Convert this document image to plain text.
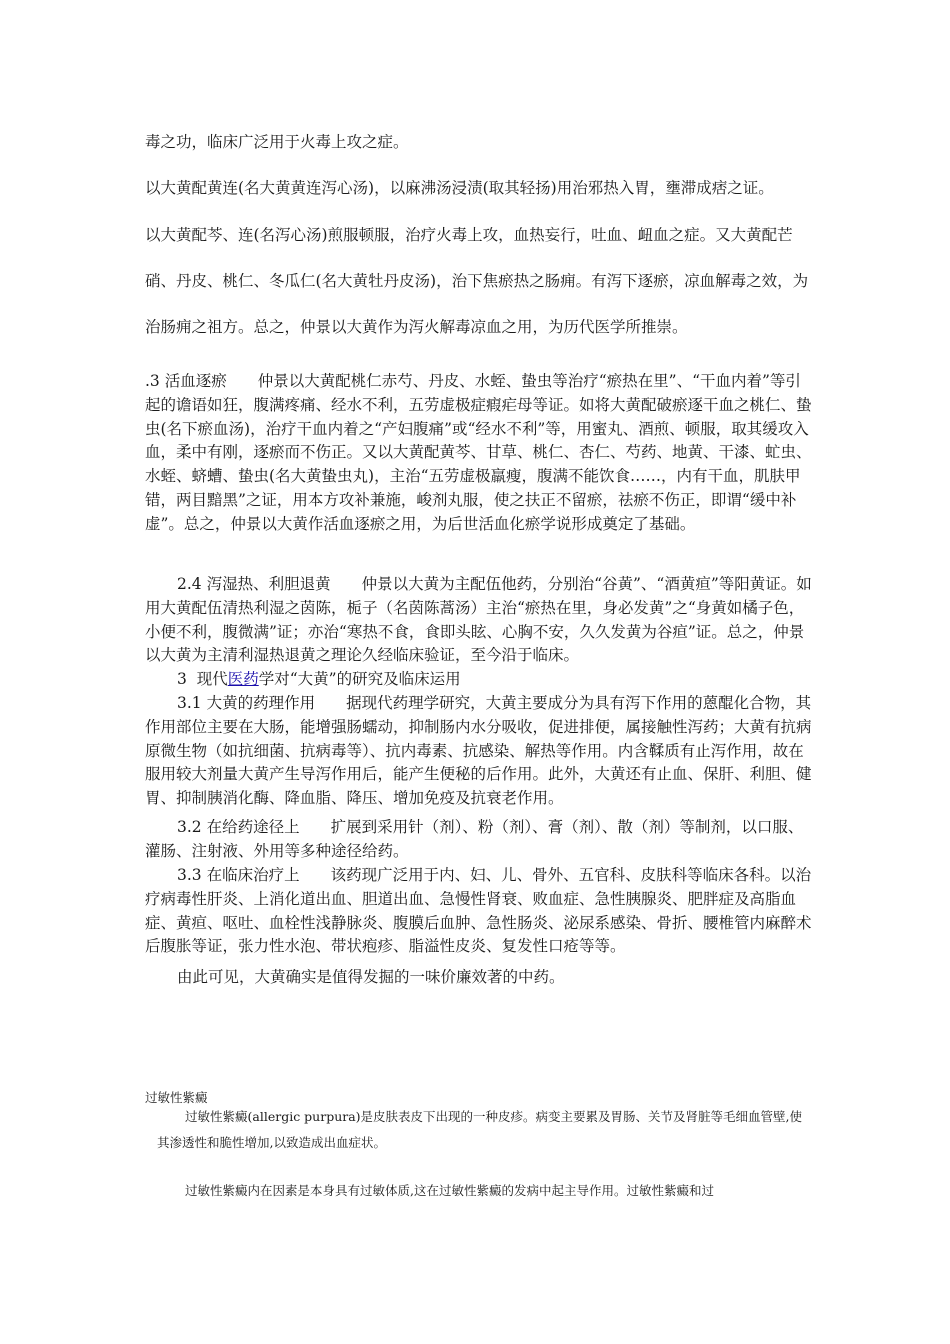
毒之功，临床广泛用于火毒上攻之症。

以大黄配黄连(名大黄黄连泻心汤)，以麻沸汤浸渍(取其轻扬)用治邪热入胃，壅滞成痞之证。

以大黄配芩、连(名泻心汤)煎服顿服，治疗火毒上攻，血热妄行，吐血、衄血之症。又大黄配芒硝、丹皮、桃仁、冬瓜仁(名大黄牡丹皮汤)，治下焦瘀热之肠痈。有泻下逐瘀，凉血解毒之效，为治肠痈之祖方。总之，仲景以大黄作为泻火解毒凉血之用，为历代医学所推崇。

.3 活血逐瘀　　仲景以大黄配桃仁赤芍、丹皮、水蛭、蛰虫等治疗“瘀热在里”、“干血内着”等引起的谵语如狂，腹满疼痛、经水不利，五劳虚极症瘕疟母等证。如将大黄配破瘀逐干血之桃仁、蛰虫(名下瘀血汤)，治疗干血内着之“产妇腹痛”或“经水不利”等，用蜜丸、酒煎、顿服，取其缓攻入血，柔中有刚，逐瘀而不伤正。又以大黄配黄芩、甘草、桃仁、杏仁、芍药、地黄、干漆、虻虫、水蛭、蛴螬、蛰虫(名大黄蛰虫丸)，主治“五劳虚极羸瘦，腹满不能饮食……，内有干血，肌肤甲错，两目黯黑”之证，用本方攻补兼施，峻剂丸服，使之扶正不留瘀，祛瘀不伤正，即谓“缓中补虚”。总之，仲景以大黄作活血逐瘀之用，为后世活血化瘀学说形成奠定了基础。

2.4 泻湿热、利胆退黄　　仲景以大黄为主配伍他药，分别治“谷黄”、“酒黄疸”等阳黄证。如用大黄配伍清热利湿之茵陈，栀子（名茵陈蒿汤）主治“瘀热在里，身必发黄”之“身黄如橘子色，小便不利，腹微满”证；亦治“寒热不食，食即头眩、心胸不安，久久发黄为谷疸”证。总之，仲景以大黄为主清利湿热退黄之理论久经临床验证，至今沿于临床。

3  现代医药学对“大黄”的研究及临床运用

3.1 大黄的药理作用　　据现代药理学研究，大黄主要成分为具有泻下作用的蒽醌化合物，其作用部位主要在大肠，能增强肠蠕动，抑制肠内水分吸收，促进排便，属接触性泻药；大黄有抗病原微生物（如抗细菌、抗病毒等）、抗内毒素、抗感染、解热等作用。内含鞣质有止泻作用，故在服用较大剂量大黄产生导泻作用后，能产生便秘的后作用。此外，大黄还有止血、保肝、利胆、健胃、抑制胰消化酶、降血脂、降压、增加免疫及抗衰老作用。

3.2 在给药途径上　　扩展到采用针（剂）、粉（剂）、膏（剂）、散（剂）等制剂，以口服、灌肠、注射液、外用等多种途径给药。

3.3 在临床治疗上　　该药现广泛用于内、妇、儿、骨外、五官科、皮肤科等临床各科。以治疗病毒性肝炎、上消化道出血、胆道出血、急慢性肾衰、败血症、急性胰腺炎、肥胖症及高脂血症、黄疸、呕吐、血栓性浅静脉炎、腹膜后血肿、急性肠炎、泌尿系感染、骨折、腰椎管内麻醉术后腹胀等证，张力性水泡、带状疱疹、脂溢性皮炎、复发性口疮等等。

由此可见，大黄确实是值得发掘的一味价廉效著的中药。

过敏性紫癜

过敏性紫癜(allergic purpura)是皮肤表皮下出现的一种皮疹。病变主要累及胃肠、关节及肾脏等毛细血管壁,使其渗透性和脆性增加,以致造成出血症状。

过敏性紫癜内在因素是本身具有过敏体质,这在过敏性紫癜的发病中起主导作用。过敏性紫癜和过
